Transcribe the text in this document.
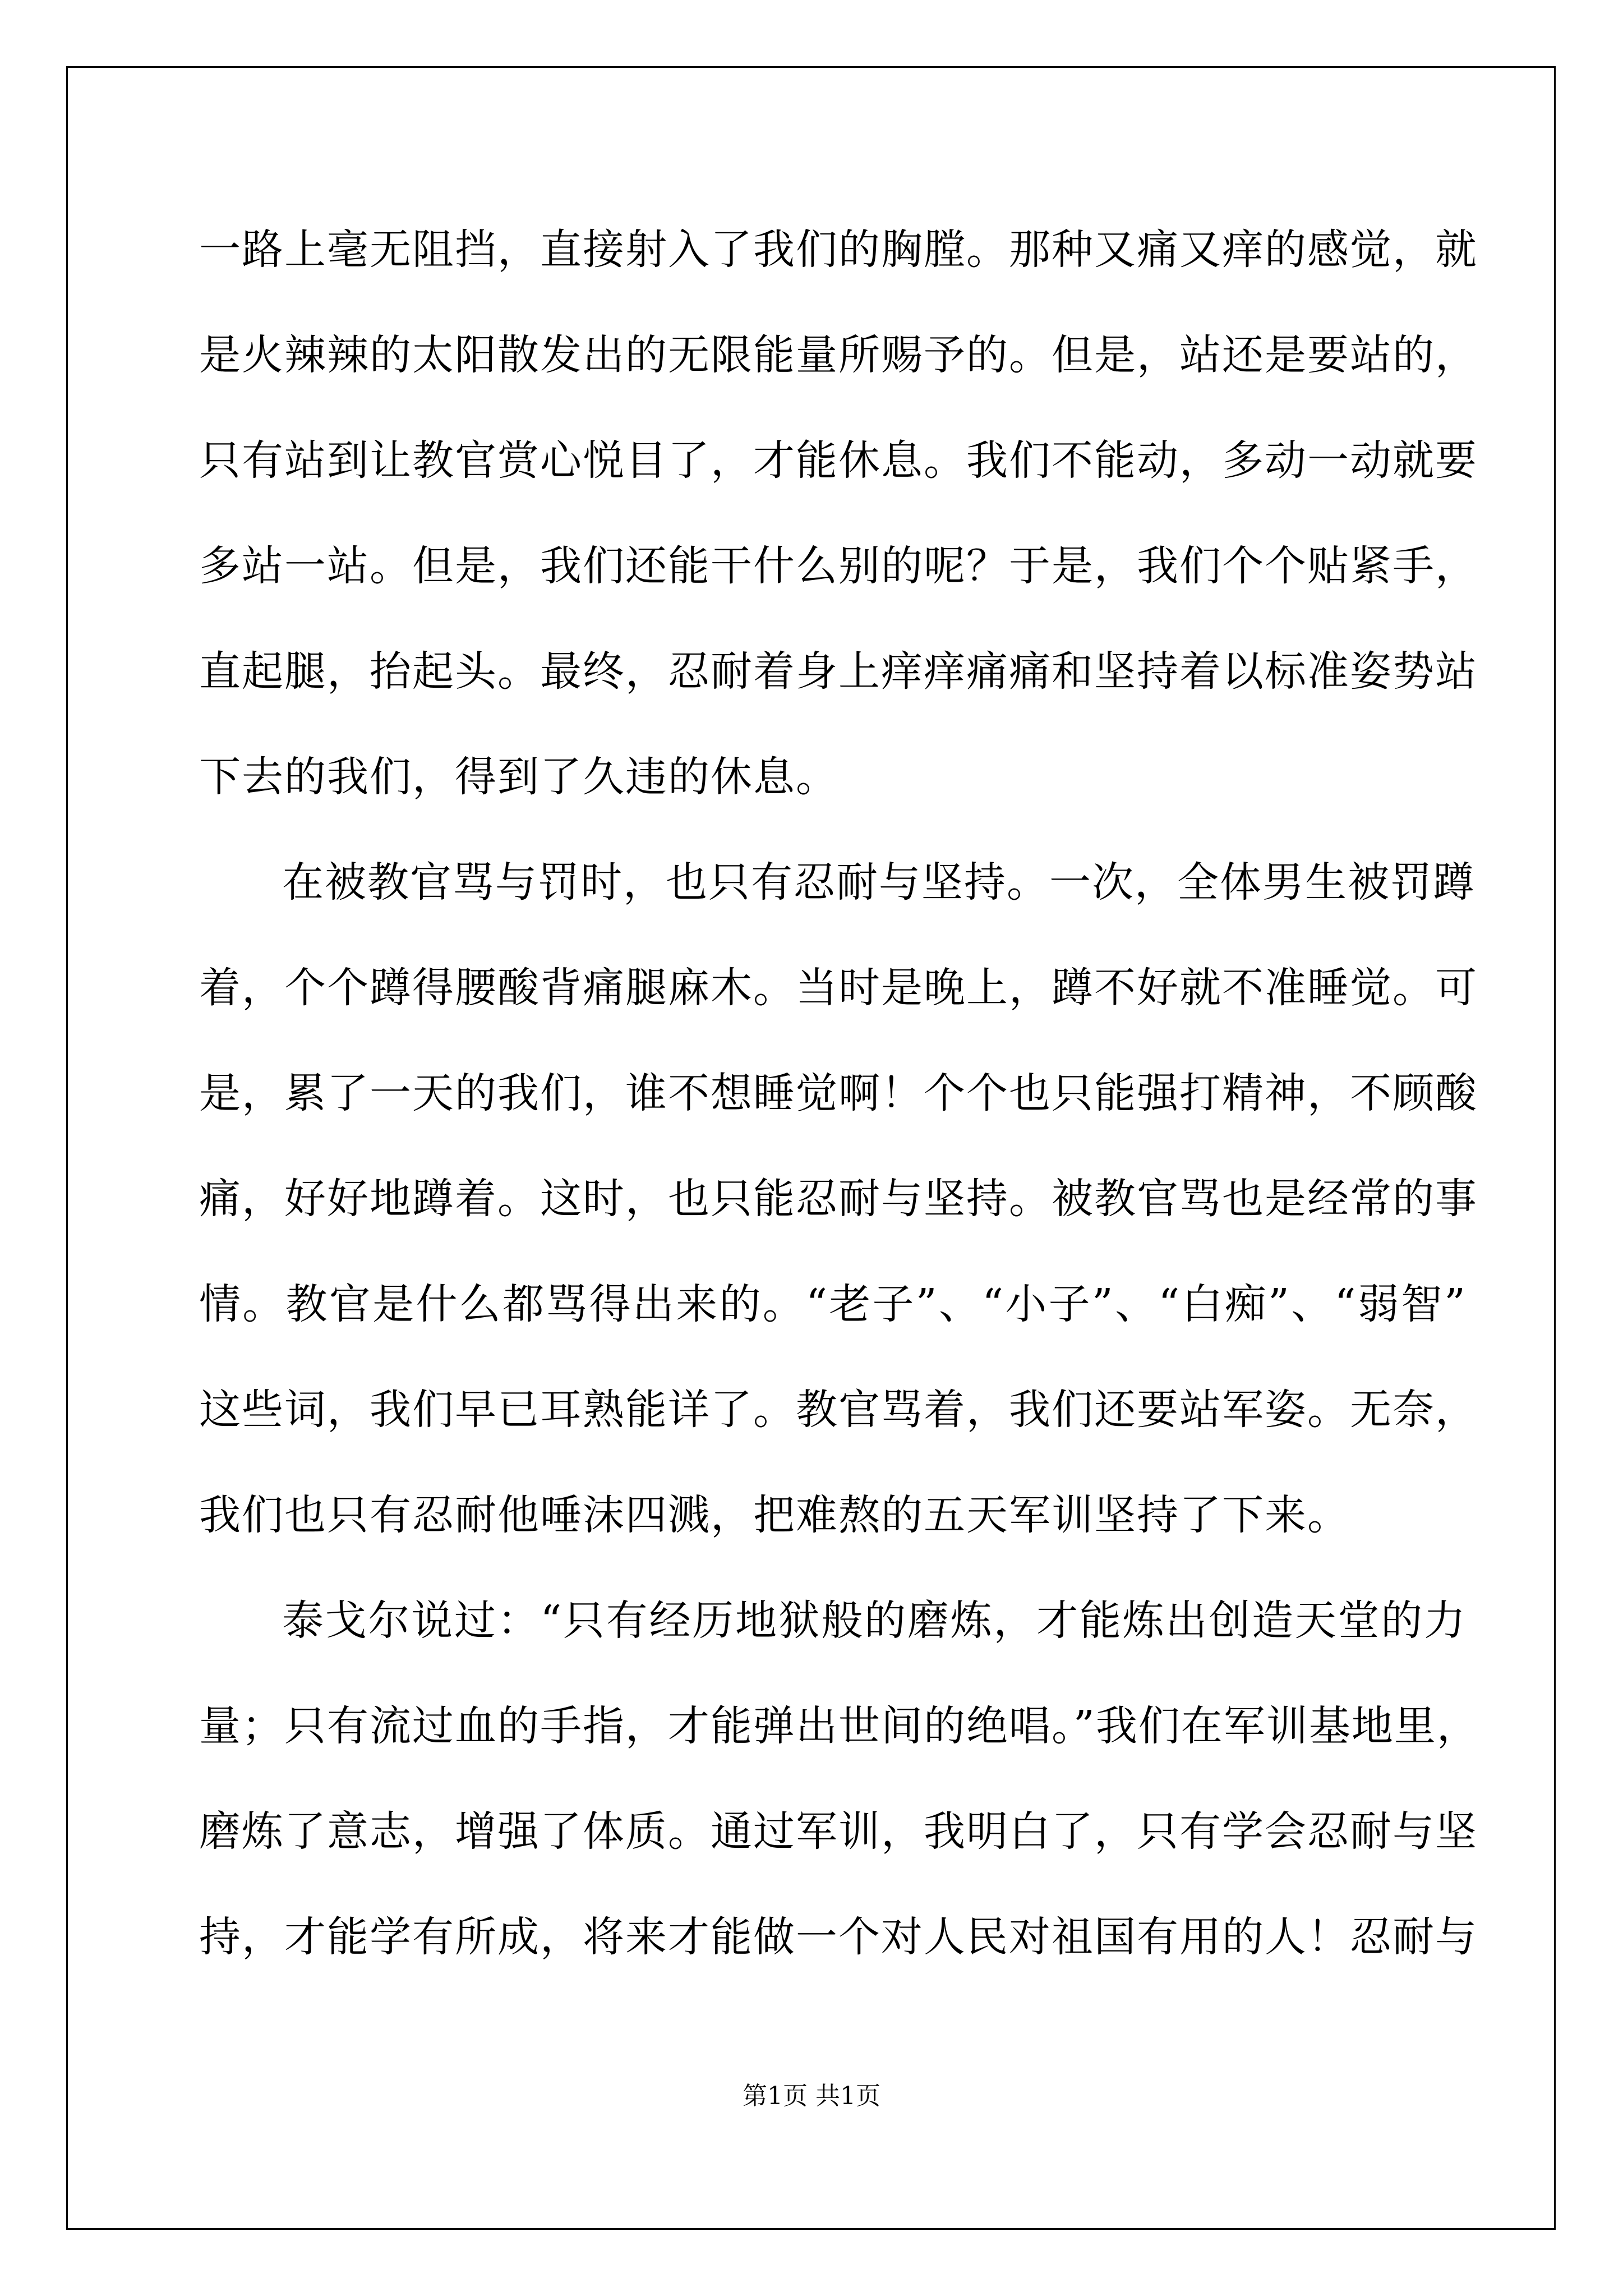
一路上毫无阻挡，直接射入了我们的胸膛。那种又痛又痒的感觉，就
是火辣辣的太阳散发出的无限能量所赐予的。但是，站还是要站的，
只有站到让教官赏心悦目了，才能休息。我们不能动，多动一动就要
多站一站。但是，我们还能干什么别的呢？于是，我们个个贴紧手，
直起腿，抬起头。最终，忍耐着身上痒痒痛痛和坚持着以标准姿势站
下去的我们，得到了久违的休息。
在被教官骂与罚时，也只有忍耐与坚持。一次，全体男生被罚蹲
着，个个蹲得腰酸背痛腿麻木。当时是晚上，蹲不好就不准睡觉。可
是，累了一天的我们，谁不想睡觉啊！个个也只能强打精神，不顾酸
痛，好好地蹲着。这时，也只能忍耐与坚持。被教官骂也是经常的事
情。教官是什么都骂得出来的。“老子”、“小子”、“白痴”、“弱智”
这些词，我们早已耳熟能详了。教官骂着，我们还要站军姿。无奈，
我们也只有忍耐他唾沫四溅，把难熬的五天军训坚持了下来。
泰戈尔说过：“只有经历地狱般的磨炼，才能炼出创造天堂的力
量；只有流过血的手指，才能弹出世间的绝唱。”我们在军训基地里，
磨炼了意志，增强了体质。通过军训，我明白了，只有学会忍耐与坚
持，才能学有所成，将来才能做一个对人民对祖国有用的人！忍耐与
第1页 共1页
